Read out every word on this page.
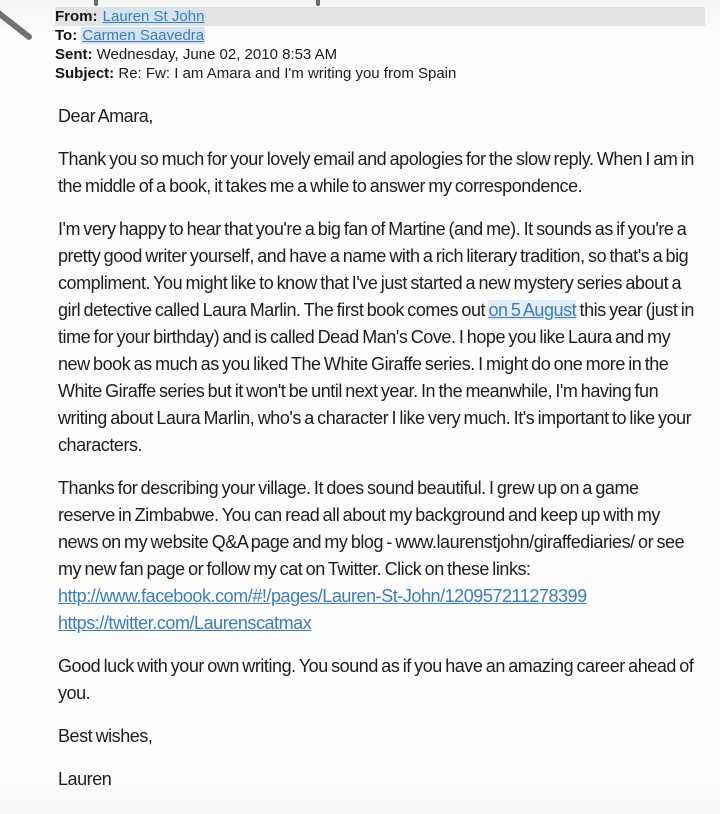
From: Lauren St John
To: Carmen Saavedra
Sent: Wednesday, June 02, 2010 8:53 AM
Subject: Re: Fw: I am Amara and I'm writing you from Spain

Dear Amara,

Thank you so much for your lovely email and apologies for the slow reply. When I am in the middle of a book, it takes me a while to answer my correspondence.

I'm very happy to hear that you're a big fan of Martine (and me). It sounds as if you're a pretty good writer yourself, and have a name with a rich literary tradition, so that's a big compliment. You might like to know that I've just started a new mystery series about a girl detective called Laura Marlin. The first book comes out on 5 August this year (just in time for your birthday) and is called Dead Man's Cove. I hope you like Laura and my new book as much as you liked The White Giraffe series. I might do one more in the White Giraffe series but it won't be until next year. In the meanwhile, I'm having fun writing about Laura Marlin, who's a character I like very much. It's important to like your characters.

Thanks for describing your village. It does sound beautiful. I grew up on a game reserve in Zimbabwe. You can read all about my background and keep up with my news on my website Q&A page and my blog - www.laurenstjohn/giraffediaries/ or see my new fan page or follow my cat on Twitter. Click on these links:
http://www.facebook.com/#!/pages/Lauren-St-John/120957211278399
https://twitter.com/Laurenscatmax

Good luck with your own writing. You sound as if you have an amazing career ahead of you.

Best wishes,

Lauren
